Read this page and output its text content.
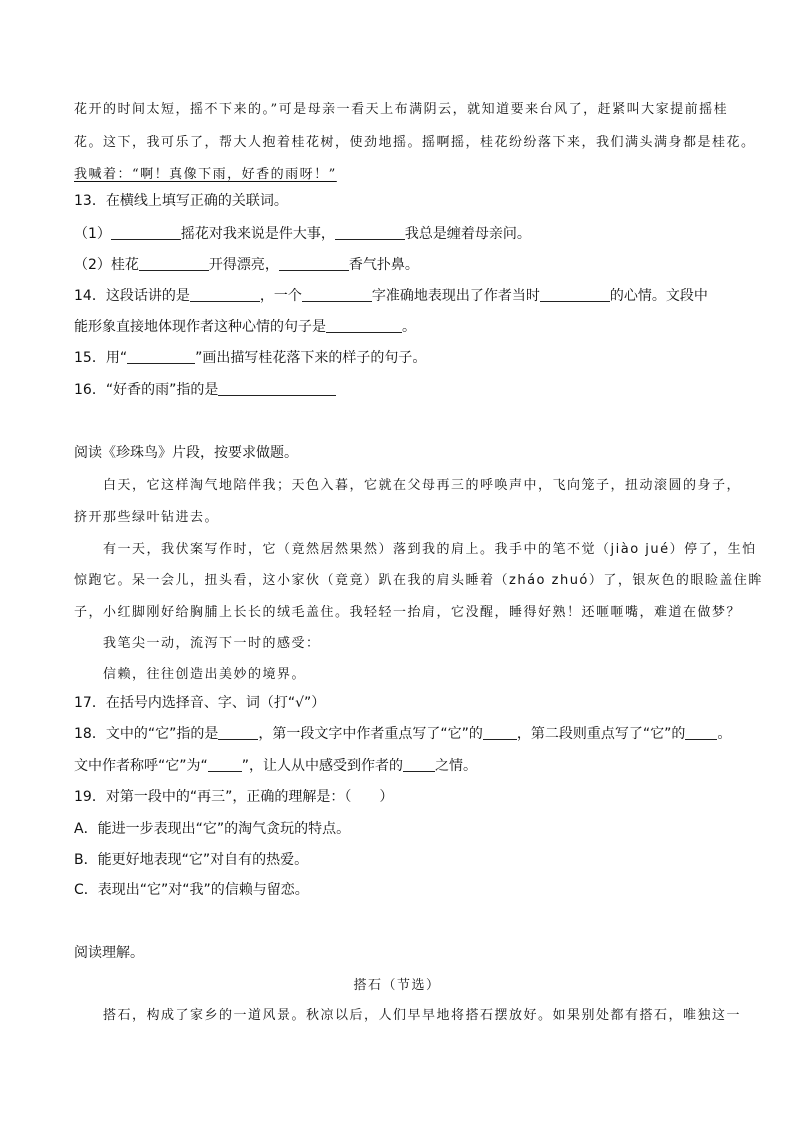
花开的时间太短，摇不下来的。”可是母亲一看天上布满阴云，就知道要来台风了，赶紧叫大家提前摇桂
花。这下，我可乐了，帮大人抱着桂花树，使劲地摇。摇啊摇，桂花纷纷落下来，我们满头满身都是桂花。
我喊着：“啊！真像下雨，好香的雨呀！”
13．在横线上填写正确的关联词。
（1）	摇花对我来说是件大事，	我总是缠着母亲问。
（2）桂花	开得漂亮，	香气扑鼻。
14．这段话讲的是	，一个	字准确地表现出了作者当时	的心情。文段中
能形象直接地体现作者这种心情的句子是	。
15．用“	”画出描写桂花落下来的样子的句子。
16．“好香的雨”指的是
阅读《珍珠鸟》片段，按要求做题。
白天，它这样淘气地陪伴我；天色入暮，它就在父母再三的呼唤声中，飞向笼子，扭动滚圆的身子，
挤开那些绿叶钻进去。
有一天，我伏案写作时，它（竟然居然果然）落到我的肩上。我手中的笔不觉（jiào jué）停了，生怕
惊跑它。呆一会儿，扭头看，这小家伙（竟竟）趴在我的肩头睡着（zháo zhuó）了，银灰色的眼睑盖住眸
子，小红脚刚好给胸脯上长长的绒毛盖住。我轻轻一抬肩，它没醒，睡得好熟！还咂咂嘴，难道在做梦？
我笔尖一动，流泻下一时的感受：
信赖，往往创造出美妙的境界。
17．在括号内选择音、字、词（打“√”）
18．文中的“它”指的是	，第一段文字中作者重点写了“它”的 ，第二段则重点写了“它”的 。
文中作者称呼“它”为“ ”，让人从中感受到作者的 之情。
19．对第一段中的“再三”，正确的理解是：（　　）
A．能进一步表现出“它”的淘气贪玩的特点。
B．能更好地表现“它”对自有的热爱。
C．表现出“它”对“我”的信赖与留恋。
阅读理解。
搭石（节选）
搭石，构成了家乡的一道风景。秋凉以后，人们早早地将搭石摆放好。如果别处都有搭石，唯独这一
